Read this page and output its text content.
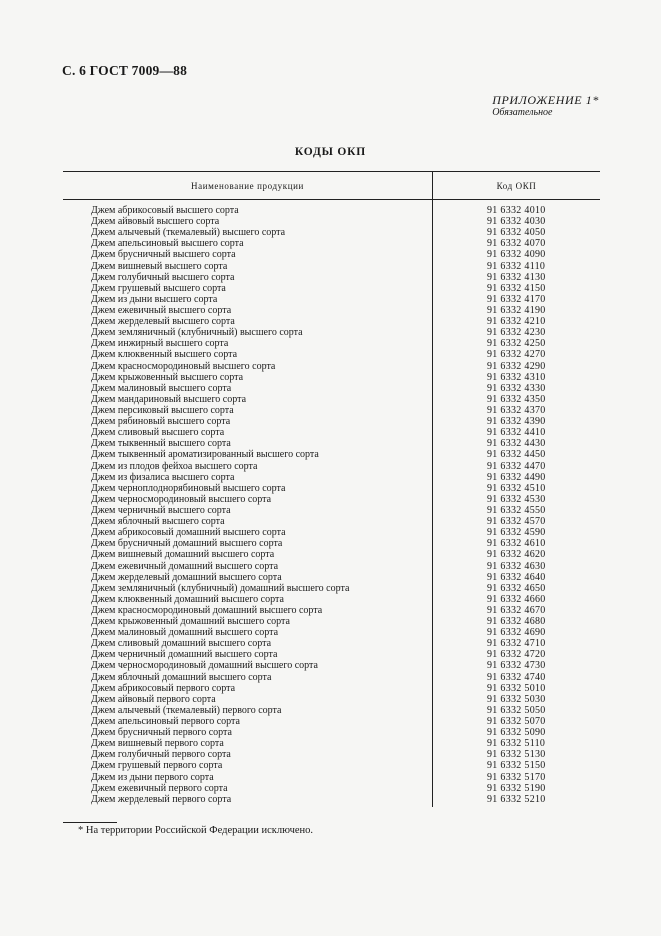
С. 6 ГОСТ 7009—88
ПРИЛОЖЕНИЕ 1*
Обязательное
КОДЫ ОКП
Наименование продукции	Код ОКП
Джем абрикосовый высшего сорта
Джем айвовый высшего сорта
Джем алычевый (ткемалевый) высшего сорта
Джем апельсиновый высшего сорта
Джем брусничный высшего сорта
Джем вишневый высшего сорта
Джем голубичный высшего сорта
Джем грушевый высшего сорта
Джем из дыни высшего сорта
Джем ежевичный высшего сорта
Джем жерделевый высшего сорта
Джем земляничный (клубничный) высшего сорта
Джем инжирный высшего сорта
Джем клюквенный высшего сорта
Джем красносмородиновый высшего сорта
Джем крыжовенный высшего сорта
Джем малиновый высшего сорта
Джем мандариновый высшего сорта
Джем персиковый высшего сорта
Джем рябиновый высшего сорта
Джем сливовый высшего сорта
Джем тыквенный высшего сорта
Джем тыквенный ароматизированный высшего сорта
Джем из плодов фейхоа высшего сорта
Джем из физалиса высшего сорта
Джем черноплоднорябиновый высшего сорта
Джем черносмородиновый высшего сорта
Джем черничный высшего сорта
Джем яблочный высшего сорта
Джем абрикосовый домашний высшего сорта
Джем брусничный домашний высшего сорта
Джем вишневый домашний высшего сорта
Джем ежевичный домашний высшего сорта
Джем жерделевый домашний высшего сорта
Джем земляничный (клубничный) домашний высшего сорта
Джем клюквенный домашний высшего сорта
Джем красносмородиновый домашний высшего сорта
Джем крыжовенный домашний высшего сорта
Джем малиновый домашний высшего сорта
Джем сливовый домашний высшего сорта
Джем черничный домашний высшего сорта
Джем черносмородиновый домашний высшего сорта
Джем яблочный домашний высшего сорта
Джем абрикосовый первого сорта
Джем айвовый первого сорта
Джем алычевый (ткемалевый) первого сорта
Джем апельсиновый первого сорта
Джем брусничный первого сорта
Джем вишневый первого сорта
Джем голубичный первого сорта
Джем грушевый первого сорта
Джем из дыни первого сорта
Джем ежевичный первого сорта
Джем жерделевый первого сорта
91 6332 4010
91 6332 4030
91 6332 4050
91 6332 4070
91 6332 4090
91 6332 4110
91 6332 4130
91 6332 4150
91 6332 4170
91 6332 4190
91 6332 4210
91 6332 4230
91 6332 4250
91 6332 4270
91 6332 4290
91 6332 4310
91 6332 4330
91 6332 4350
91 6332 4370
91 6332 4390
91 6332 4410
91 6332 4430
91 6332 4450
91 6332 4470
91 6332 4490
91 6332 4510
91 6332 4530
91 6332 4550
91 6332 4570
91 6332 4590
91 6332 4610
91 6332 4620
91 6332 4630
91 6332 4640
91 6332 4650
91 6332 4660
91 6332 4670
91 6332 4680
91 6332 4690
91 6332 4710
91 6332 4720
91 6332 4730
91 6332 4740
91 6332 5010
91 6332 5030
91 6332 5050
91 6332 5070
91 6332 5090
91 6332 5110
91 6332 5130
91 6332 5150
91 6332 5170
91 6332 5190
91 6332 5210
* На территории Российской Федерации исключено.
